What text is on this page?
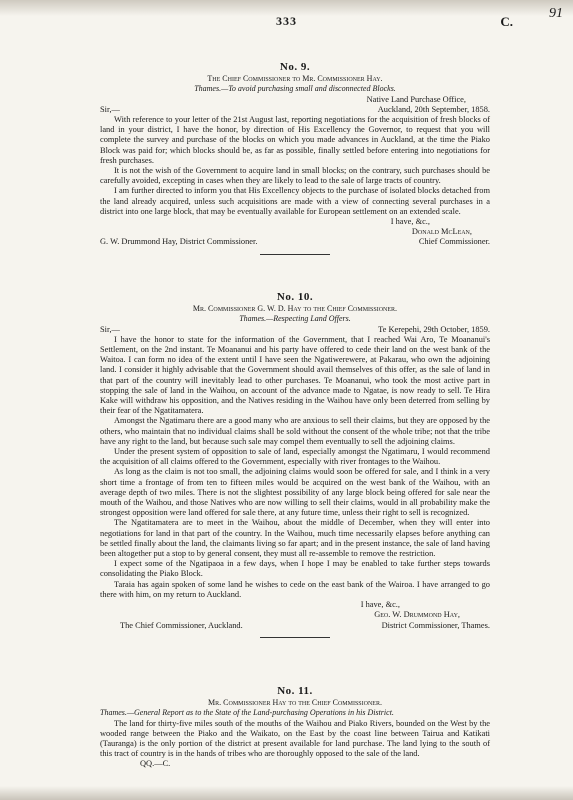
333	C.
91
No. 9.
The Chief Commissioner to Mr. Commissioner Hay.
Thames.—To avoid purchasing small and disconnected Blocks.
Native Land Purchase Office,
Sir,—	Auckland, 20th September, 1858.

With reference to your letter of the 21st August last, reporting negotiations for the acquisition of fresh blocks of land in your district, I have the honor, by direction of His Excellency the Governor, to request that you will complete the survey and purchase of the blocks on which you made advances in Auckland, at the time the Piako Block was paid for; which blocks should be, as far as possible, finally settled before entering into negotiations for fresh purchases.

It is not the wish of the Government to acquire land in small blocks; on the contrary, such purchases should be carefully avoided, excepting in cases when they are likely to lead to the sale of large tracts of country.

I am further directed to inform you that His Excellency objects to the purchase of isolated blocks detached from the land already acquired, unless such acquisitions are made with a view of connecting several purchases in a district into one large block, that may be eventually available for European settlement on an extended scale.

I have, &c.,
Donald McLean,
G. W. Drummond Hay, District Commissioner.	Chief Commissioner.
No. 10.
Mr. Commissioner G. W. D. Hay to the Chief Commissioner.
Thames.—Respecting Land Offers.
Sir,—	Te Kerepehi, 29th October, 1859.

I have the honor to state for the information of the Government, that I reached Wai Aro, Te Moananui's Settlement, on the 2nd instant. Te Moananui and his party have offered to cede their land on the west bank of the Waitoa. I can form no idea of the extent until I have seen the Ngatiwerewere, at Pakarau, who own the adjoining land. I consider it highly advisable that the Government should avail themselves of this offer, as the sale of land in that part of the country will inevitably lead to other purchases. Te Moananui, who took the most active part in stopping the sale of land in the Waihou, on account of the advance made to Ngatae, is now ready to sell. Te Hira Kake will withdraw his opposition, and the Natives residing in the Waihou have only been deterred from selling by their fear of the Ngatitamatera.

Amongst the Ngatimaru there are a good many who are anxious to sell their claims, but they are opposed by the others, who maintain that no individual claims shall be sold without the consent of the whole tribe; not that the tribe have any right to the land, but because such sale may compel them eventually to sell the adjoining claims.

Under the present system of opposition to sale of land, especially amongst the Ngatimaru, I would recommend the acquisition of all claims offered to the Government, especially with river frontages to the Waihou.

As long as the claim is not too small, the adjoining claims would soon be offered for sale, and I think in a very short time a frontage of from ten to fifteen miles would be acquired on the west bank of the Waihou, with an average depth of two miles. There is not the slightest possibility of any large block being offered for sale near the mouth of the Waihou, and those Natives who are now willing to sell their claims, would in all probability make the strongest opposition were land offered for sale there, at any future time, unless their right to sell is recognized.

The Ngatitamatera are to meet in the Waihou, about the middle of December, when they will enter into negotiations for land in that part of the country. In the Waihou, much time necessarily elapses before anything can be settled finally about the land, the claimants living so far apart; and in the present instance, the sale of land having been altogether put a stop to by general consent, they must all re-assemble to remove the restriction.

I expect some of the Ngatipaoa in a few days, when I hope I may be enabled to take further steps towards consolidating the Piako Block.

Taraia has again spoken of some land he wishes to cede on the east bank of the Wairoa. I have arranged to go there with him, on my return to Auckland.

I have, &c.,
Geo. W. Drummond Hay,
The Chief Commissioner, Auckland.	District Commissioner, Thames.
No. 11.
Mr. Commissioner Hay to the Chief Commissioner.

Thames.—General Report as to the State of the Land-purchasing Operations in his District.

The land for thirty-five miles south of the mouths of the Waihou and Piako Rivers, bounded on the West by the wooded range between the Piako and the Waikato, on the East by the coast line between Tairua and Katikati (Tauranga) is the only portion of the district at present available for land purchase. The land lying to the south of this tract of country is in the hands of tribes who are thoroughly opposed to the sale of the land.

QQ.—C.
